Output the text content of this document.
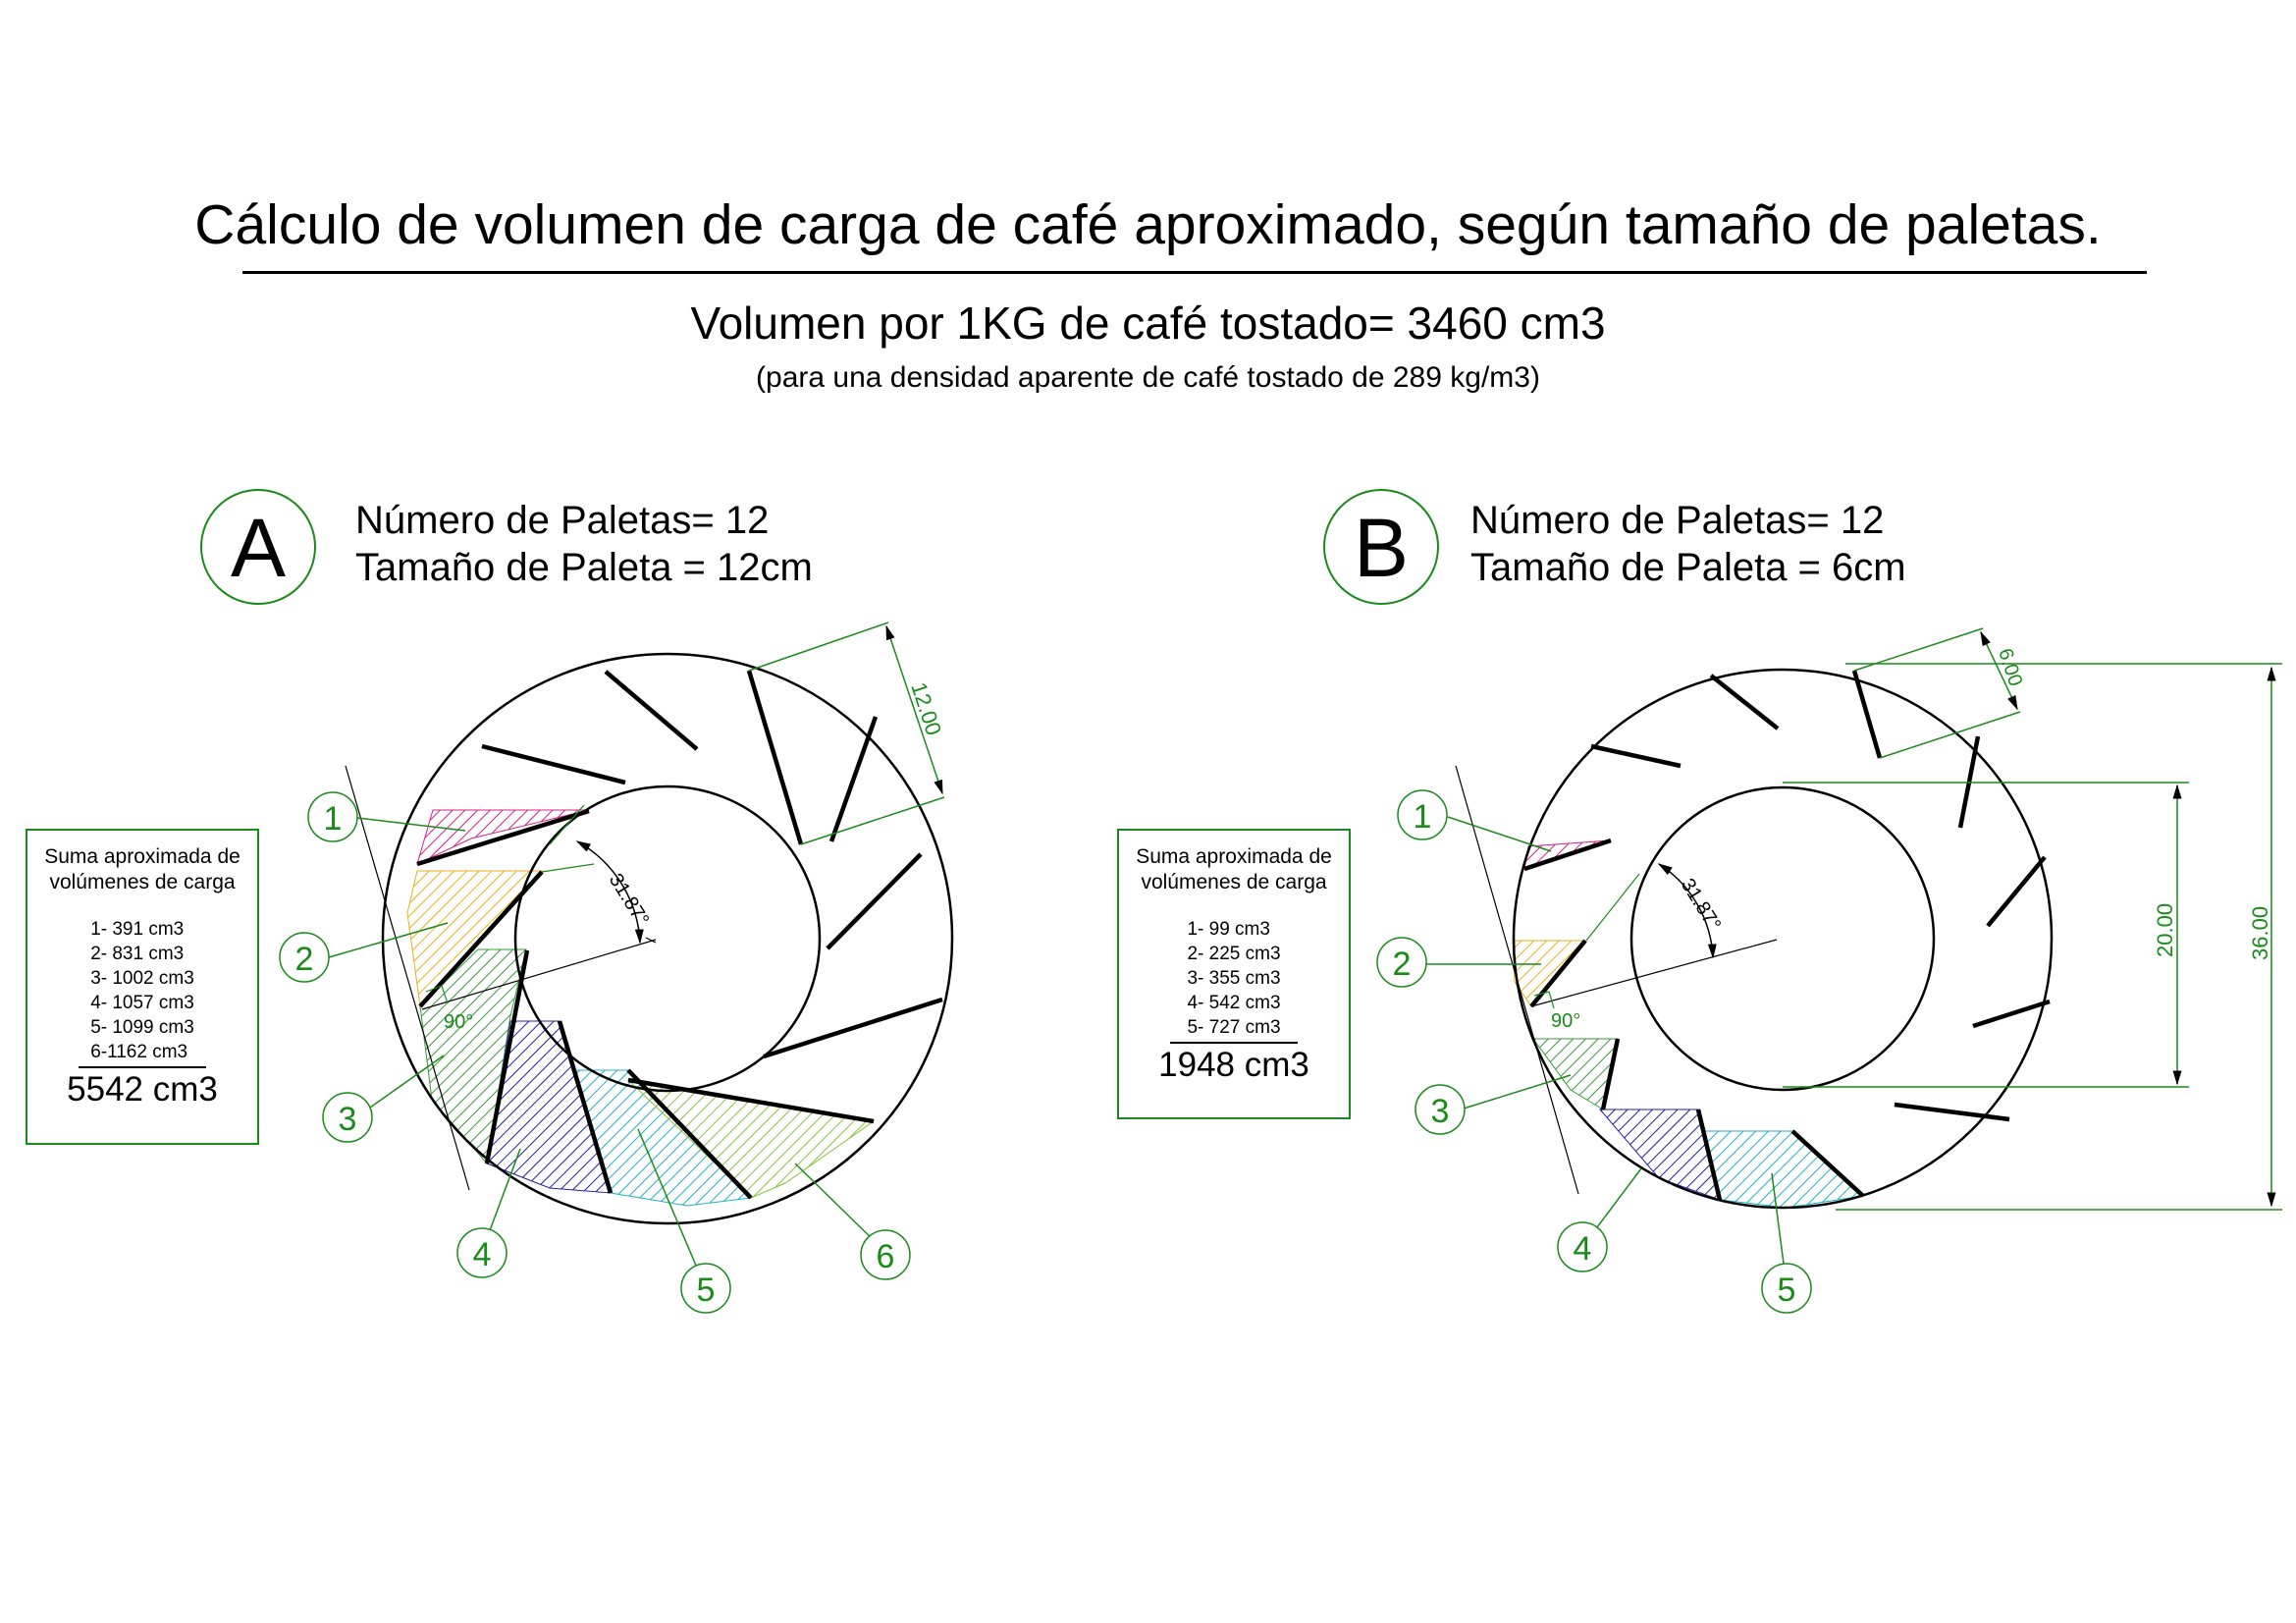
Cálculo de volumen de carga de café aproximado, según tamaño de paletas.
Volumen por 1KG de café tostado= 3460 cm3
(para una densidad aparente de café tostado de 289 kg/m3)
Número de Paletas= 12
Tamaño de Paleta = 12cm
Número de Paletas= 12
Tamaño de Paleta = 6cm
Suma aproximada de
volúmenes de carga
1- 391 cm3
2- 831 cm3
3- 1002 cm3
4- 1057 cm3
5- 1099 cm3
6-1162 cm3
5542 cm3
Suma aproximada de
volúmenes de carga
1- 99 cm3
2- 225 cm3
3- 355 cm3
4- 542 cm3
5- 727 cm3
1948 cm3
A
31.87°
90°
12.00
1
2
3
4
5
6
B
31.87°
90°
6.00
20.00	36.00
1
2
3
4
5
